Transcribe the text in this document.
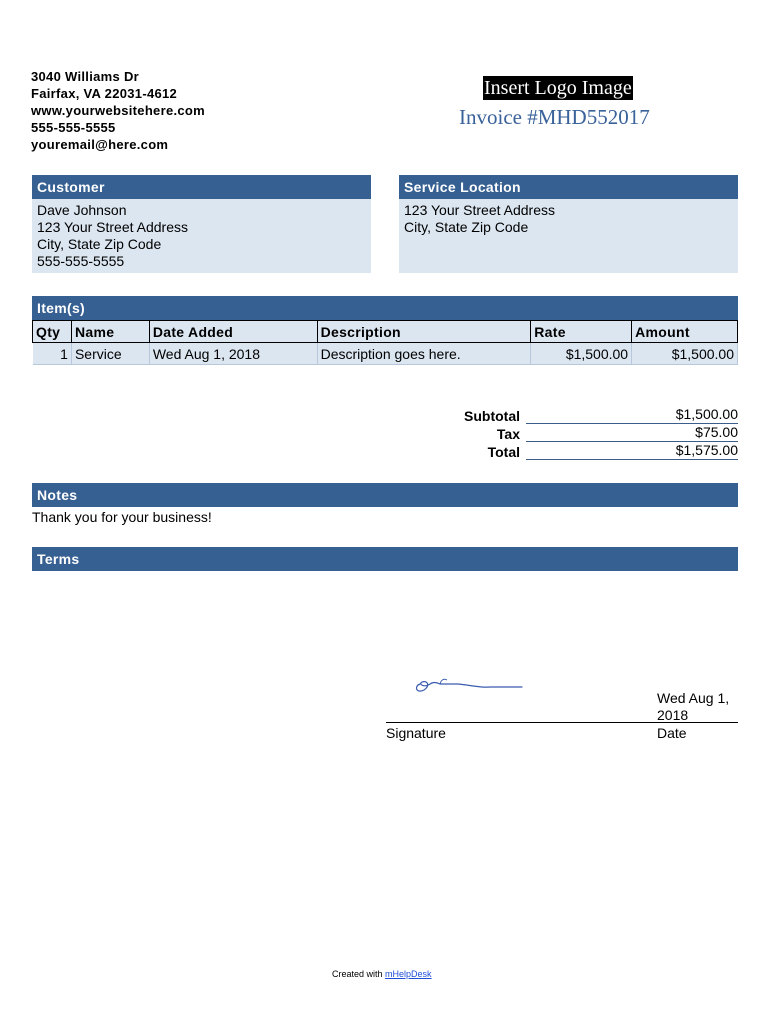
3040 Williams Dr
Fairfax, VA 22031-4612
www.yourwebsitehere.com
555-555-5555
youremail@here.com
Insert Logo Image
Invoice #MHD552017
Customer
Dave Johnson
123 Your Street Address
City, State Zip Code
555-555-5555
Service Location
123 Your Street Address
City, State Zip Code
Item(s)
Qty	Name	Date Added	Description	Rate	Amount
1	Service	Wed Aug 1, 2018	Description goes here.	$1,500.00	$1,500.00
Subtotal	$1,500.00
Tax	$75.00
Total	$1,575.00
Notes
Thank you for your business!
Terms
Wed Aug 1,
2018
Signature	Date
Created with mHelpDesk
